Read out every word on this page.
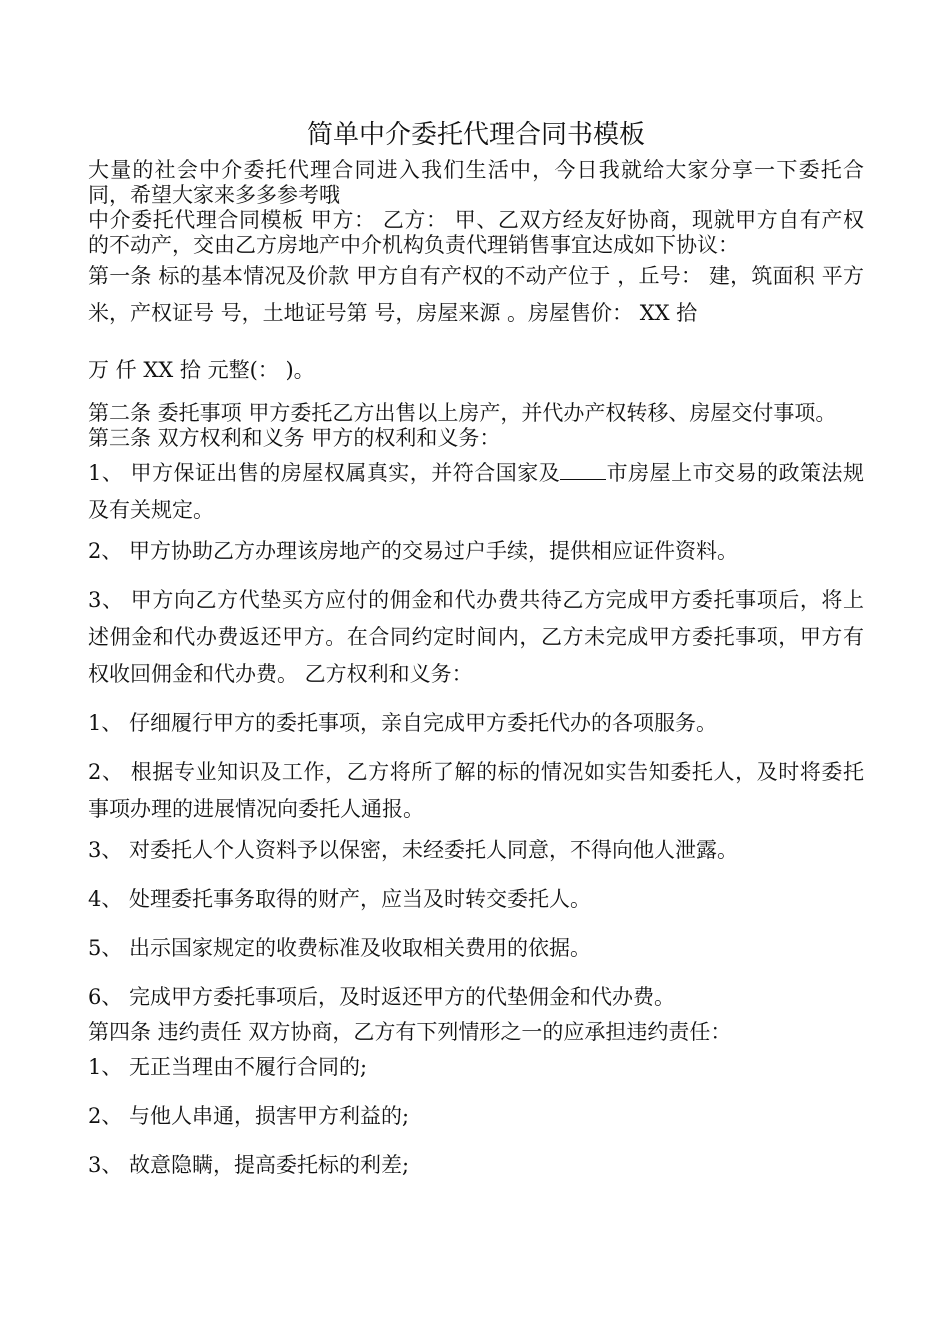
简单中介委托代理合同书模板

大量的社会中介委托代理合同进入我们生活中，今日我就给大家分享一下委托合同，希望大家来多多参考哦

中介委托代理合同模板 甲方： 乙方： 甲、乙双方经友好协商，现就甲方自有产权的不动产，交由乙方房地产中介机构负责代理销售事宜达成如下协议：

第一条 标的基本情况及价款 甲方自有产权的不动产位于 ，丘号： 建，筑面积 平方米，产权证号 号，土地证号第 号，房屋来源 。房屋售价： XX 拾

万 仟 XX 拾 元整(： )。

第二条 委托事项 甲方委托乙方出售以上房产，并代办产权转移、房屋交付事项。

第三条 双方权利和义务 甲方的权利和义务：

1、 甲方保证出售的房屋权属真实，并符合国家及 市房屋上市交易的政策法规及有关规定。

2、 甲方协助乙方办理该房地产的交易过户手续，提供相应证件资料。

3、 甲方向乙方代垫买方应付的佣金和代办费共待乙方完成甲方委托事项后，将上述佣金和代办费返还甲方。在合同约定时间内，乙方未完成甲方委托事项，甲方有权收回佣金和代办费。 乙方权利和义务：

1、 仔细履行甲方的委托事项，亲自完成甲方委托代办的各项服务。

2、 根据专业知识及工作，乙方将所了解的标的情况如实告知委托人，及时将委托事项办理的进展情况向委托人通报。

3、 对委托人个人资料予以保密，未经委托人同意，不得向他人泄露。

4、 处理委托事务取得的财产，应当及时转交委托人。

5、 出示国家规定的收费标准及收取相关费用的依据。

6、 完成甲方委托事项后，及时返还甲方的代垫佣金和代办费。

第四条 违约责任 双方协商，乙方有下列情形之一的应承担违约责任：

1、 无正当理由不履行合同的;

2、 与他人串通，损害甲方利益的;

3、 故意隐瞒，提高委托标的利差;
